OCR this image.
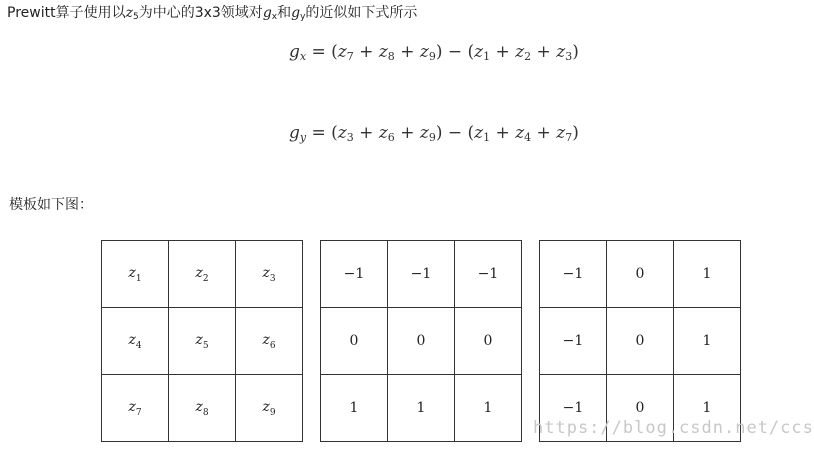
Prewitt算子使用以$z_5$为中心的3x3领域对$g_x$和$g_y$的近似如下式所示
$g_x = (z_7 + z_8 + z_9) - (z_1 + z_2 + z_3)$
$g_y = (z_3 + z_6 + z_9) - (z_1 + z_4 + z_7)$
模板如下图：
$z_1$	$z_2$	$z_3$
$z_4$	$z_5$	$z_6$
$z_7$	$z_8$	$z_9$
−1	−1	−1
0	0	0
1	1	1
−1	0	1
−1	0	1
−1	0	1
https://blog.csdn.net/ccs
